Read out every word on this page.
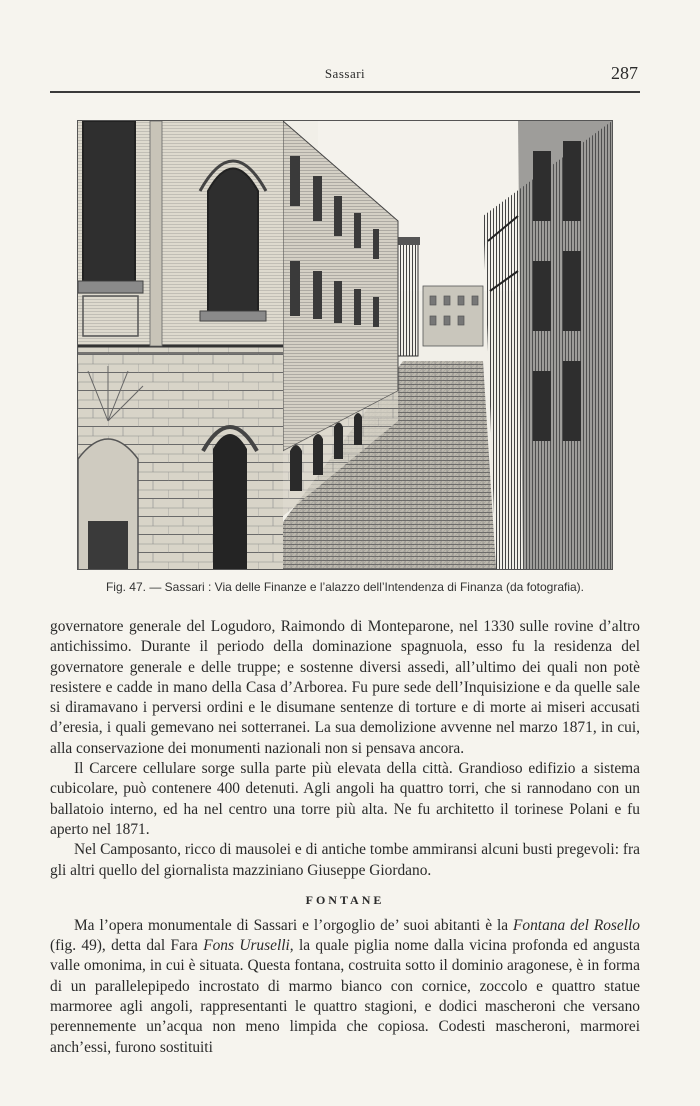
Sassari	287
Fig. 47. — Sassari : Via delle Finanze e l’alazzo dell’Intendenza di Finanza (da fotografia).

governatore generale del Logudoro, Raimondo di Monteparone, nel 1330 sulle rovine d’altro antichissimo. Durante il periodo della dominazione spagnuola, esso fu la residenza del governatore generale e delle truppe; e sostenne diversi assedi, all’ultimo dei quali non potè resistere e cadde in mano della Casa d’Arborea. Fu pure sede dell’Inquisizione e da quelle sale si diramavano i perversi ordini e le disumane sentenze di torture e di morte ai miseri accusati d’eresia, i quali gemevano nei sotterranei. La sua demolizione avvenne nel marzo 1871, in cui, alla conservazione dei monumenti nazionali non si pensava ancora.

Il Carcere cellulare sorge sulla parte più elevata della città. Grandioso edifizio a sistema cubicolare, può contenere 400 detenuti. Agli angoli ha quattro torri, che si rannodano con un ballatoio interno, ed ha nel centro una torre più alta. Ne fu architetto il torinese Polani e fu aperto nel 1871.

Nel Camposanto, ricco di mausolei e di antiche tombe ammiransi alcuni busti pregevoli: fra gli altri quello del giornalista mazziniano Giuseppe Giordano.

FONTANE

Ma l’opera monumentale di Sassari e l’orgoglio de’ suoi abitanti è la Fontana del Rosello (fig. 49), detta dal Fara Fons Uruselli, la quale piglia nome dalla vicina profonda ed angusta valle omonima, in cui è situata. Questa fontana, costruita sotto il dominio aragonese, è in forma di un parallelepipedo incrostato di marmo bianco con cornice, zoccolo e quattro statue marmoree agli angoli, rappresentanti le quattro stagioni, e dodici mascheroni che versano perennemente un’acqua non meno limpida che copiosa. Codesti mascheroni, marmorei anch’essi, furono sostituiti
